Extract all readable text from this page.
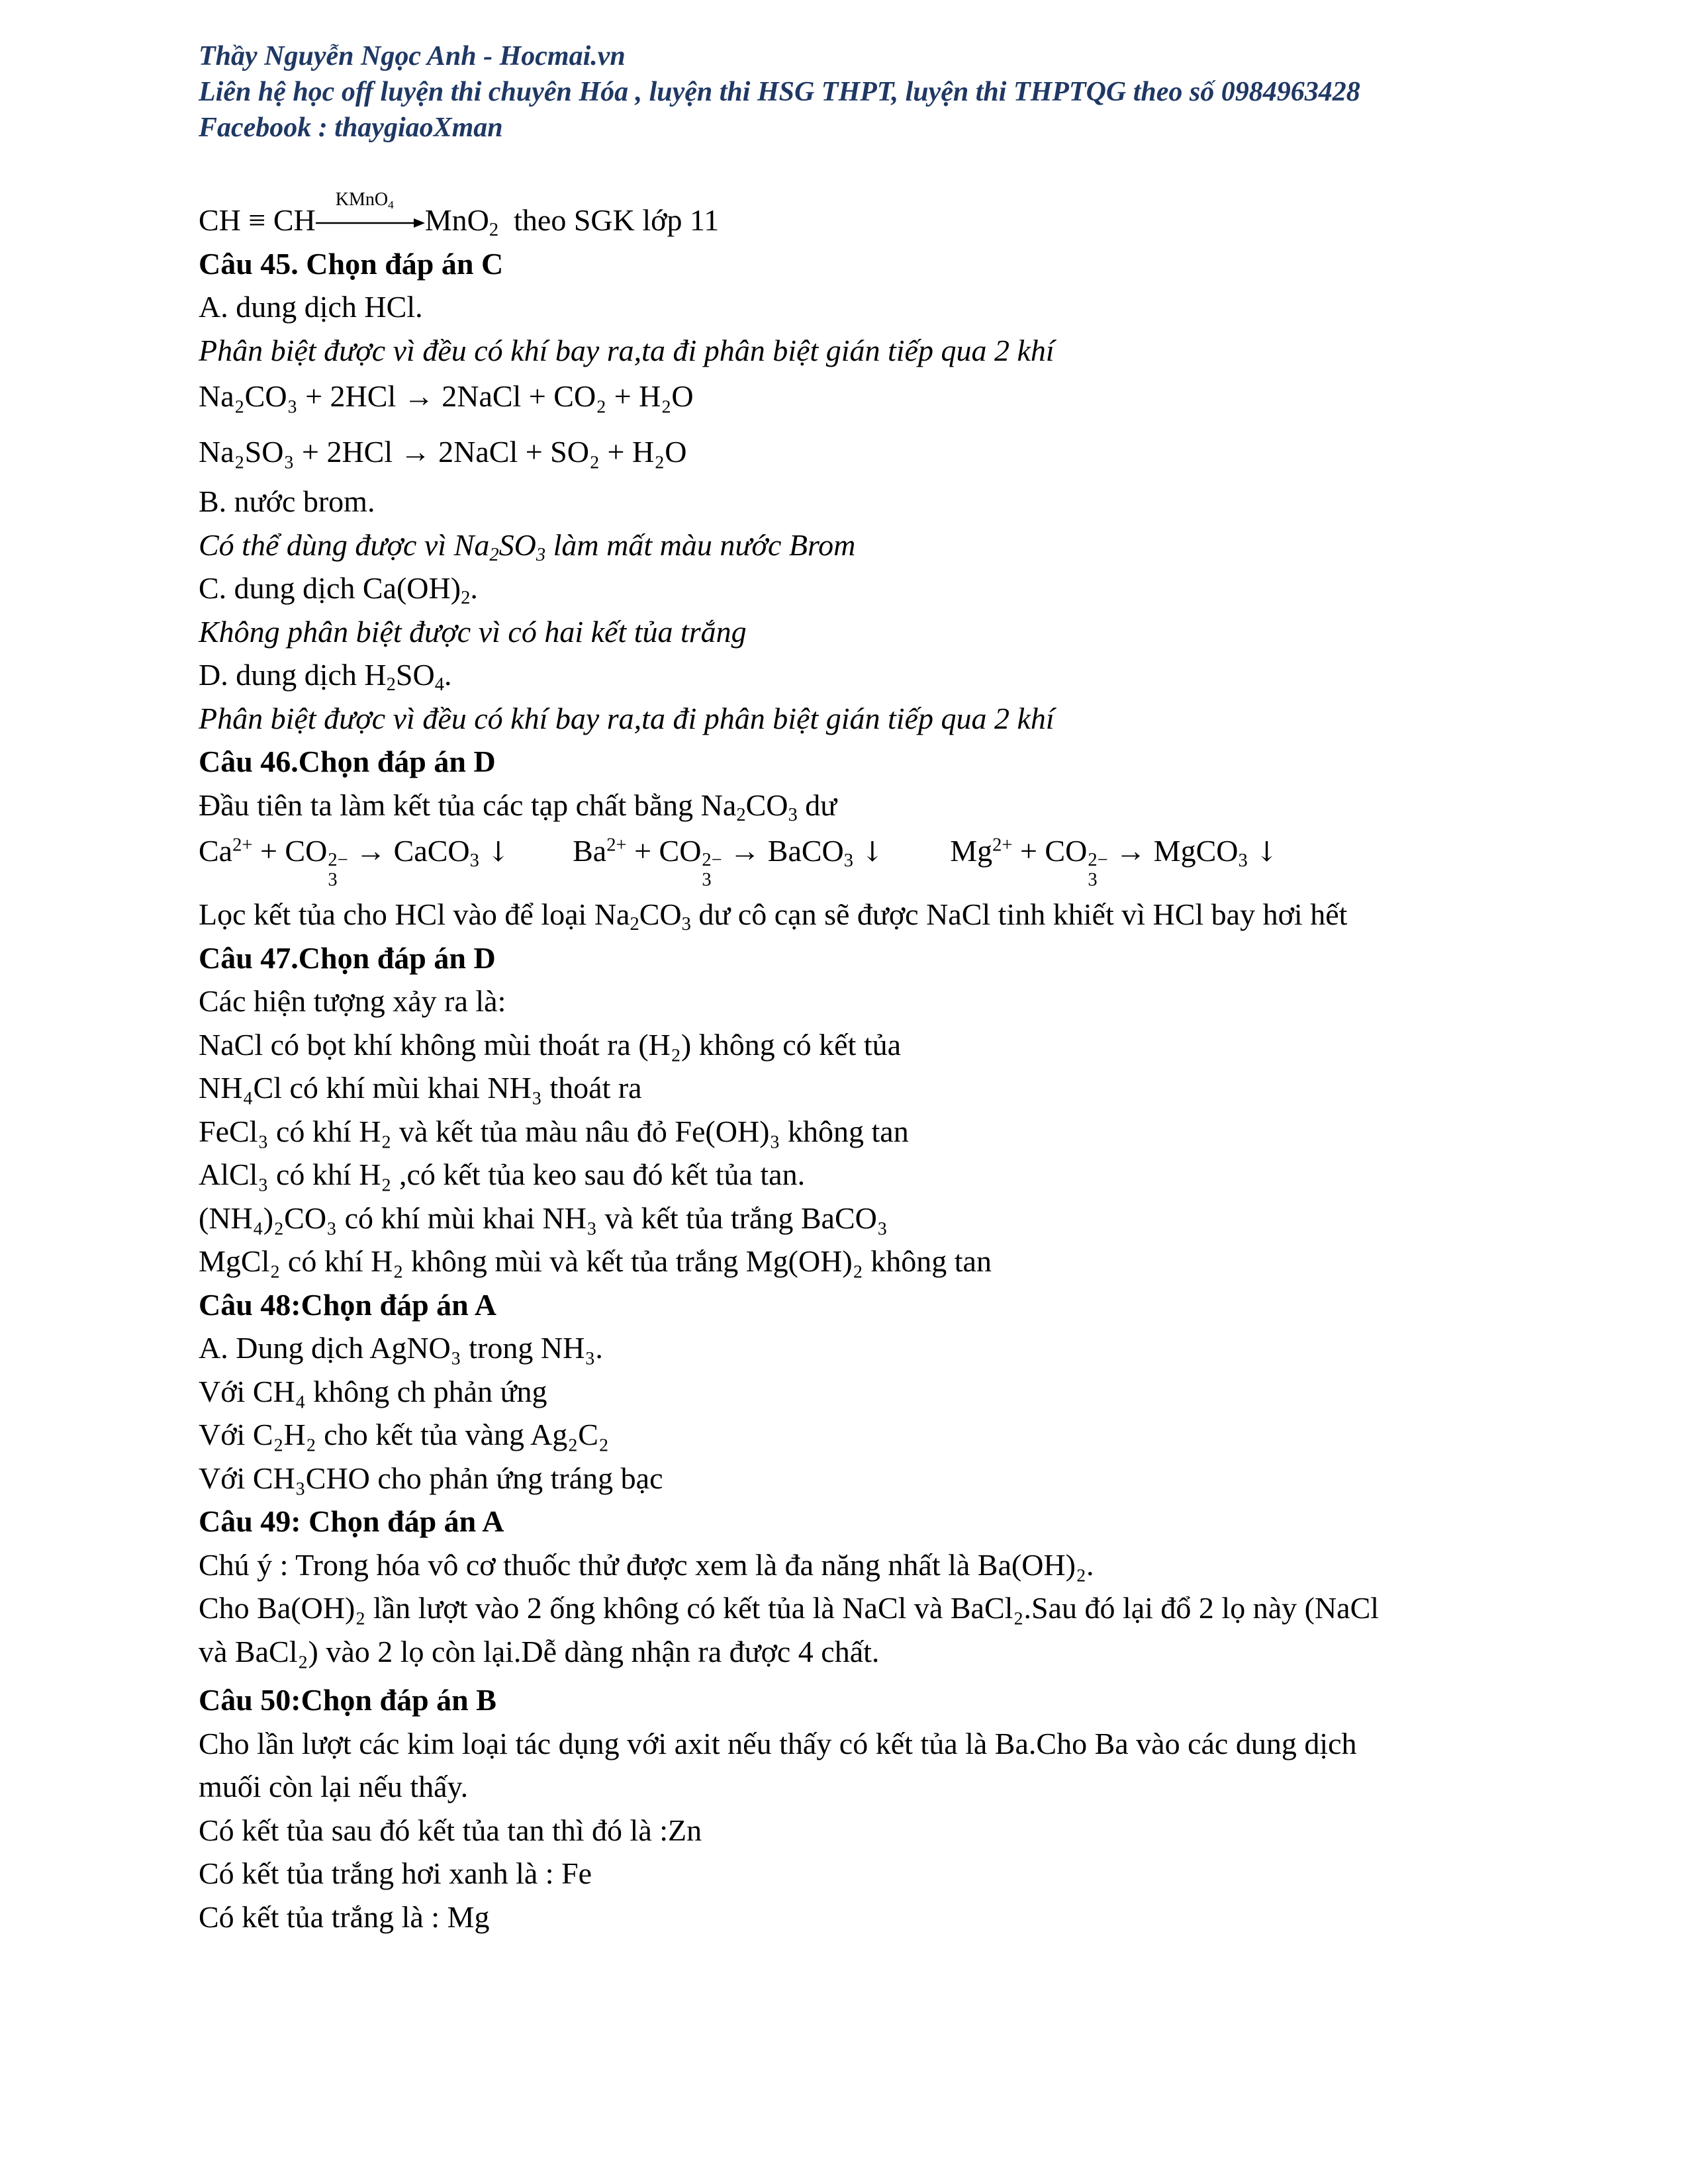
Thầy Nguyễn Ngọc Anh - Hocmai.vn
Liên hệ học off luyện thi chuyên Hóa , luyện thi HSG THPT, luyện thi THPTQG theo số 0984963428
Facebook : thaygiaoXman
CH ≡ CH
KMnO$_4$ MnO$_2$ theo SGK lớp 11
Câu 45. Chọn đáp án C
A. dung dịch HCl.
Phân biệt được vì đều có khí bay ra,ta đi phân biệt gián tiếp qua 2 khí
Na₂CO₃ + 2HCl → 2NaCl + CO₂ + H₂O
Na₂SO₃ + 2HCl → 2NaCl + SO₂ + H₂O
B. nước brom.
Có thể dùng được vì $Na_2SO_3$ làm mất màu nước Brom
C. dung dịch $Ca(OH)_2$.
Không phân biệt được vì có hai kết tủa trắng
D. dung dịch $H_2SO_4$.
Phân biệt được vì đều có khí bay ra,ta đi phân biệt gián tiếp qua 2 khí
Câu 46.Chọn đáp án D
Đầu tiên ta làm kết tủa các tạp chất bằng $Na_2CO_3$ dư
$Ca^{2+}$ + CO 2−
3
→ CaCO$_3$ ↓ $Ba^{2+}$ + CO 2−
3
→ BaCO$_3$ ↓ $Mg^{2+}$ + CO 2−
3
→ MgCO$_3$ ↓
Lọc kết tủa cho HCl vào để loại $Na_2CO_3$ dư cô cạn sẽ được NaCl tinh khiết vì HCl bay hơi hết
Câu 47.Chọn đáp án D
Các hiện tượng xảy ra là:
NaCl có bọt khí không mùi thoát ra (H₂) không có kết tủa
NH₄Cl có khí mùi khai NH₃ thoát ra
FeCl₃ có khí H₂ và kết tủa màu nâu đỏ Fe(OH)₃ không tan
AlCl₃ có khí H₂ ,có kết tủa keo sau đó kết tủa tan.
(NH₄)₂CO₃ có khí mùi khai NH₃ và kết tủa trắng BaCO₃
MgCl₂ có khí H₂ không mùi và kết tủa trắng Mg(OH)₂ không tan
Câu 48:Chọn đáp án A
A. Dung dịch AgNO₃ trong NH₃.
Với CH₄ không ch phản ứng
Với C₂H₂ cho kết tủa vàng Ag₂C₂
Với CH₃CHO cho phản ứng tráng bạc
Câu 49: Chọn đáp án A
Chú ý : Trong hóa vô cơ thuốc thử được xem là đa năng nhất là Ba(OH)₂.
Cho Ba(OH)₂ lần lượt vào 2 ống không có kết tủa là NaCl và BaCl₂.Sau đó lại đổ 2 lọ này (NaCl
và BaCl₂) vào 2 lọ còn lại.Dễ dàng nhận ra được 4 chất.
Câu 50:Chọn đáp án B
Cho lần lượt các kim loại tác dụng với axit nếu thấy có kết tủa là Ba.Cho Ba vào các dung dịch
muối còn lại nếu thấy.
Có kết tủa sau đó kết tủa tan thì đó là :Zn
Có kết tủa trắng hơi xanh là : Fe
Có kết tủa trắng là : Mg
